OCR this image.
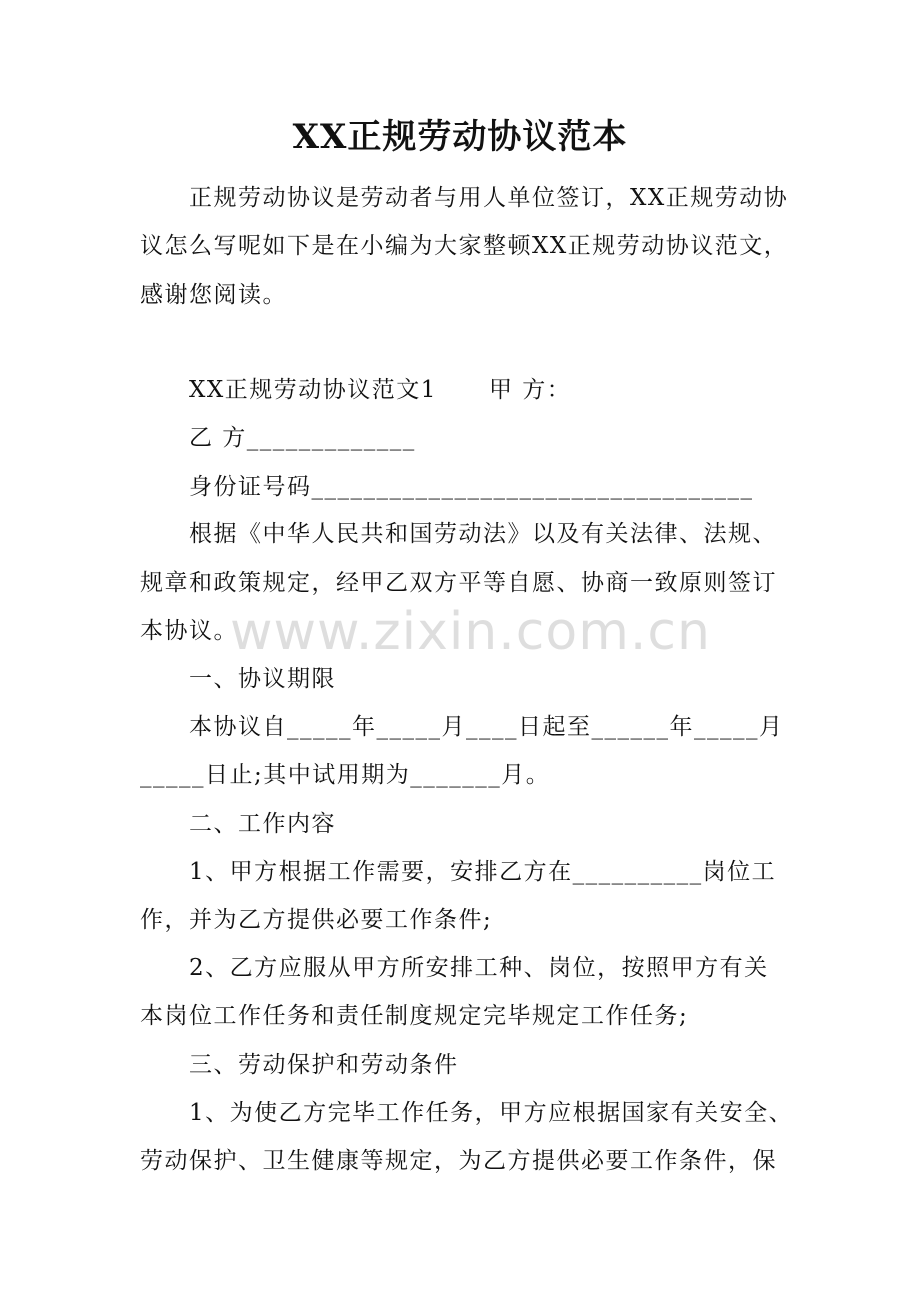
XX正规劳动协议范本
正规劳动协议是劳动者与用人单位签订，XX正规劳动协
议怎么写呢如下是在小编为大家整顿XX正规劳动协议范文，
感谢您阅读。
XX正规劳动协议范文1 甲 方：
乙 方_____________
身份证号码__________________________________
根据《中华人民共和国劳动法》以及有关法律、法规、
规章和政策规定，经甲乙双方平等自愿、协商一致原则签订
本协议。
一、协议期限
本协议自_____年_____月____日起至______年_____月
_____日止;其中试用期为_______月。
二、工作内容
1、甲方根据工作需要，安排乙方在__________岗位工
作，并为乙方提供必要工作条件;
2、乙方应服从甲方所安排工种、岗位，按照甲方有关
本岗位工作任务和责任制度规定完毕规定工作任务;
三、劳动保护和劳动条件
1、为使乙方完毕工作任务，甲方应根据国家有关安全、
劳动保护、卫生健康等规定，为乙方提供必要工作条件，保
www.zixin.com.cn
